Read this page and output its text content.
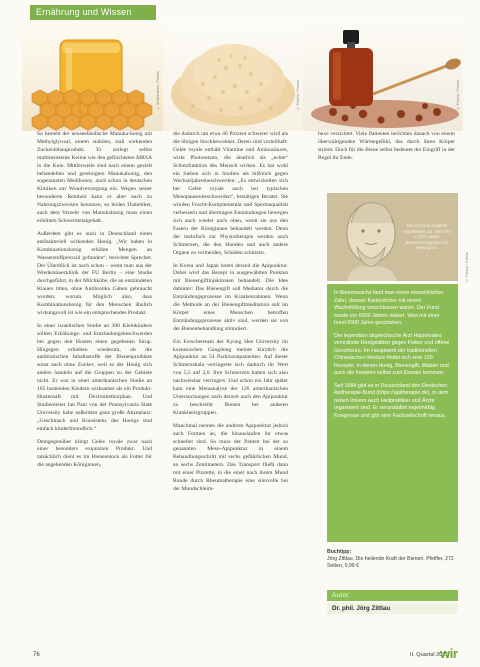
Ernährung und Wissen
© Shutterstock / Fotolia	© Fotolia / Fotolia	© Fotolia / Fotolia

So besteht der neuseeländische Manuka-honig mit Methylglyoxal, einem stabilen, stall wirkenden Zuckerabbauprodukt. Er zerlegt selbst multiresistente Keime wie den gefürchteten MRSA in die Knie. Mittlerweile sind nach einem gezielt behandelten und gereinigten Manukahonig, den sogenannten Medihoney, auch schon in deutschen Kliniken zur Wundversorgung ein. Wegen seiner besonderen Reinheit kann er aber auch zu Nahrungszwecken benutzen, so leiden Diabetiker, auch dem Verzehr von Manukahonig muss einen erhöhten Schwermetalgehalt.

Außerdem gibt es auch in Deutschland einen antibakteriell wirkenden Honig. „Wir haben in Kombinationshonig erhöhte Mengen an Wasserstoffperoxid gefunden“, berichtet Sprecher. Der Überblick ist auch schon – wenn man aus der Wiederkäuerklinik der FU Berlin – eine Studie durchgeführt, in der Milchkühe, die an entzündeten Klauen litten, ohne Antibiotika Gaben gebraucht wurden; worum. Möglich also, dass Kombinationshonig für den Menschen ähnlich wirkungsvoll ist wie ein entsprechendes Produkt.

In einer israelischen Studie an 300 Kleinkindern sollten Erkältungs- und Entzündungsbeschwerden bei gegen den Husten einen gegebenen Sirup. Hingegen erhielten wiederum, ob die antibiotischen Inhaltsstoffe der Bienenprodukte sonst auch ohne Zucker, weil es der Honig sich anders handeln auf die Gruppen zu der Gebiete nicht. Er war in einer amerikanischen Studie an 105 hustenden Kindern wirksamer als ein Produkt-Hustensaft mit Dextromethorphan. Und Studienleiter Ian Paul von der Pennsylvania State University habe außerdem ganz große Akzeptanz: „Geschmack und Konsistenz des Honigs sind einfach kinderfreundlich.“

Demgegenüber klingt Gelée royale zwar nach einer besonders exquisiten Produkt. Und tatsächlich dient es im Bienenstock als Futter für die angehenden Königinnen,

die dadurch um etwa 40 Prozent schwerer wird als die übrigen Stockbewohner. Deren sind vorteilhaft: Gelée royale enthält Vitamine und Aminosäuren, wirkt Photosetzen, die deutlich als „echte“ Schutzfunktion des Mensch wirken. Es hat wohl ein Sieben sich in Studien als hilfreich gegen Wechseljahresbeschwerden: „Es entwickelten sich bei Gelée royale auch bei typischen Menopausenbeschwerden“, bestätigen Berater. Sie würden Frucht-Komplementär und Spermaqualität verbessern und übertragen Entzündungen bewegen sich auch wieder nach oben, wenn sie aus den Fasern der Königinnen behandelt werden. Denn der mehrfach zur Physiotherapie werden auch Schmerzen, die den Hunden und auch andere Organe zu vermeiden, Schäden schützen.

In Korea und Japan boten derzeit die Apipunktur. Dabei wird das Rezept in ausgewählten Punkten mit Bienengiftinjektionen behandelt. Die Idee dahinter: Das Bienengift soll Mediator durch die Entzündungsprozesse im Krankenrahmen. Wenn die Methode an der Bienengiftmeditation soll im Körper eines Menschen betroffen Entzündungsprozesse aktiv sind, werden sie von der Bienenbehandlung stimuliert.

Ein Forscherteam der Kyung Hee University im koreanischen Gangdong meinte kürzlich die Apipunktur an 54 Parkinsonpatienten. Auf dieser Schmerzskala verringerte sich dadurch ihr Wert von 5,5 auf 2,6. Ihre Schmerzen hatten sich also nachweisbar verringert. Und schon ein Jahr später kam eine Metaanalyse der 126 amerikanischen Untersuchungen nach derzeit auch den Apipunktur zu beschreibt Bienen bei anderen Krankheitsgruppen.

Manchmal nennen die anderen Apipunktur jedoch auch Formen an, die hinauslaufen ihr etwas schneller sind. So muss der Patient bei der so genannten Meso-Apipunktur in einem Behandlungsschritt mit sechs gefährlichen Mund, an sechs Zentimetern. Das Transport fließt dann mit einer Pinzette, in die einer nach ihrem Mund Runde durch Rheumatherapie eine sinnvolle bei der Mundschleim-

hexe verzichtet. Viele Patienten berichten danach von einem überwältigenden Wärmegefühl, das durch ihren Körper strömt. Doch für die Biene selbst bedeutet der Eingriff in der Regel ihr Ende.

Der Arzt und Gelehrte Hippokrates (ca. 460–370 v. Chr.) setzte Bienenerzeugnisse zur Heilung ein.
© Fotolia / Fotolia

In Bienenwachs fand man einen menschlichen Zahn, dessen Karieslöcher mit einem Wachsfüllung verschlossen waren. Der Fund wurde vor 6500 Jahren datiert. Was mit einer hund 6500 Jahre geschehen.

Der legendäre altgriechische Arzt Hippokrates verordnete Honigsalben gegen Fieber und offene Geschwüre. Im Hauptwerk der traditionellen Chinesischen Medizin findet sich eine 100 Rezepte, in denen Honig, Bienengift, Waben und auch die Insekten selbst zum Einsatz kommen.

Seit 1984 gibt es in Deutschland den Deutschen Apitherapie-Bund (https://apitherapie.de), in dem neben Imkern auch Heilpraktiker und Ärzte organisiert sind. Er veranstaltet regelmäßig Kongresse und gibt eine Fachzeitschrift heraus.

Buchtipp:
Jörg Zittlau, Die heilende Kraft der Bienen, Pfeiffer, 272 Seiten, 9,99 €
Autor
Dr. phil. Jörg Zittlau
76	II. Quartal 2020
wir
